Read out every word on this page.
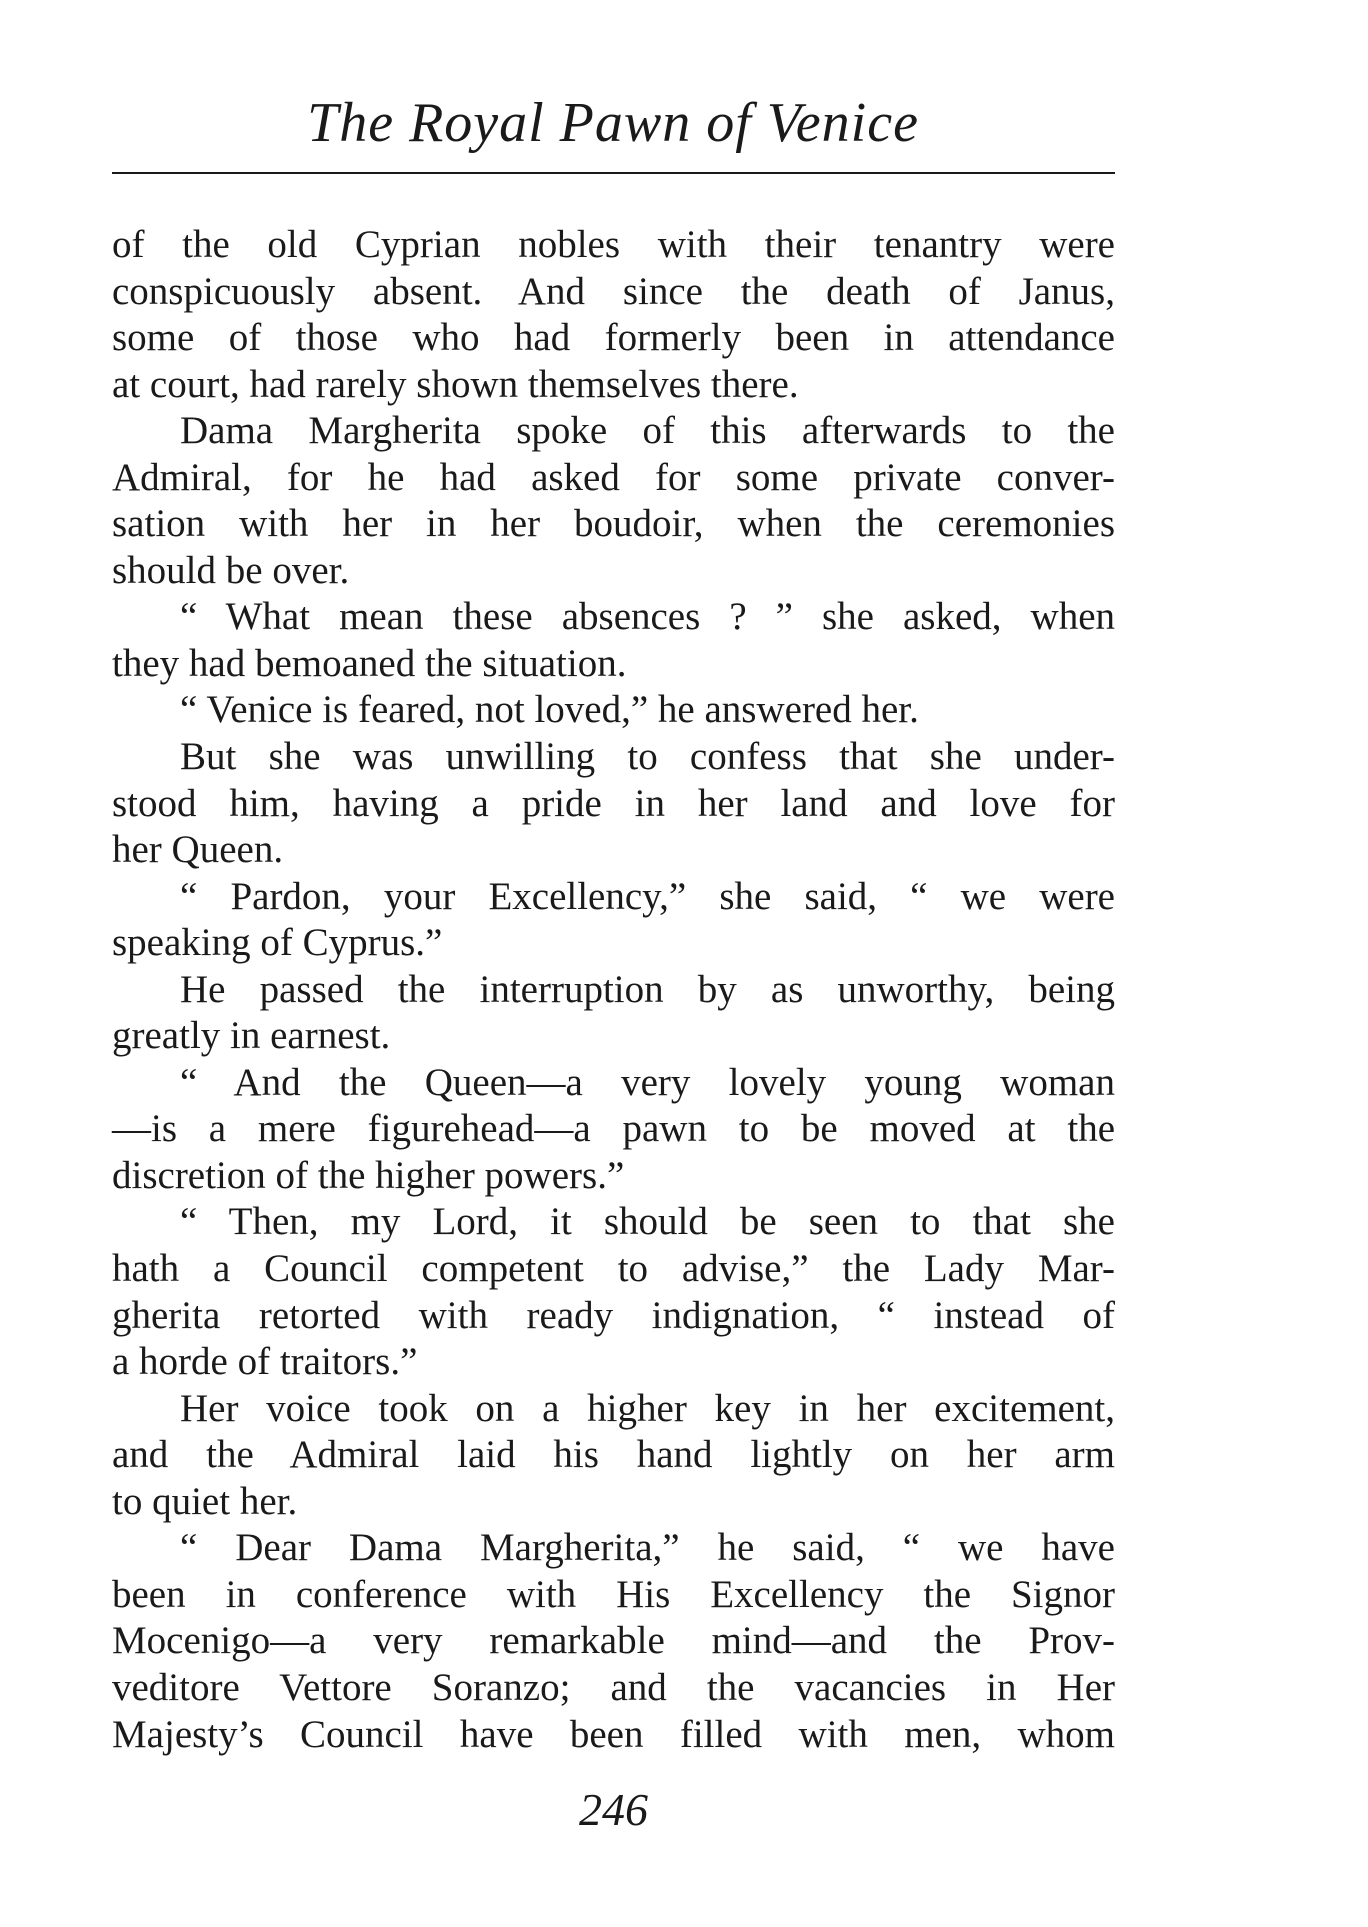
The Royal Pawn of Venice
of the old Cyprian nobles with their tenantry were
conspicuously absent. And since the death of Janus,
some of those who had formerly been in attendance
at court, had rarely shown themselves there.
Dama Margherita spoke of this afterwards to the
Admiral, for he had asked for some private conver-
sation with her in her boudoir, when the ceremonies
should be over.
“ What mean these absences ? ” she asked, when
they had bemoaned the situation.
“ Venice is feared, not loved,” he answered her.
But she was unwilling to confess that she under-
stood him, having a pride in her land and love for
her Queen.
“ Pardon, your Excellency,” she said, “ we were
speaking of Cyprus.”
He passed the interruption by as unworthy, being
greatly in earnest.
“ And the Queen—a very lovely young woman
—is a mere figurehead—a pawn to be moved at the
discretion of the higher powers.”
“ Then, my Lord, it should be seen to that she
hath a Council competent to advise,” the Lady Mar-
gherita retorted with ready indignation, “ instead of
a horde of traitors.”
Her voice took on a higher key in her excitement,
and the Admiral laid his hand lightly on her arm
to quiet her.
“ Dear Dama Margherita,” he said, “ we have
been in conference with His Excellency the Signor
Mocenigo—a very remarkable mind—and the Prov-
veditore Vettore Soranzo; and the vacancies in Her
Majesty’s Council have been filled with men, whom
246
